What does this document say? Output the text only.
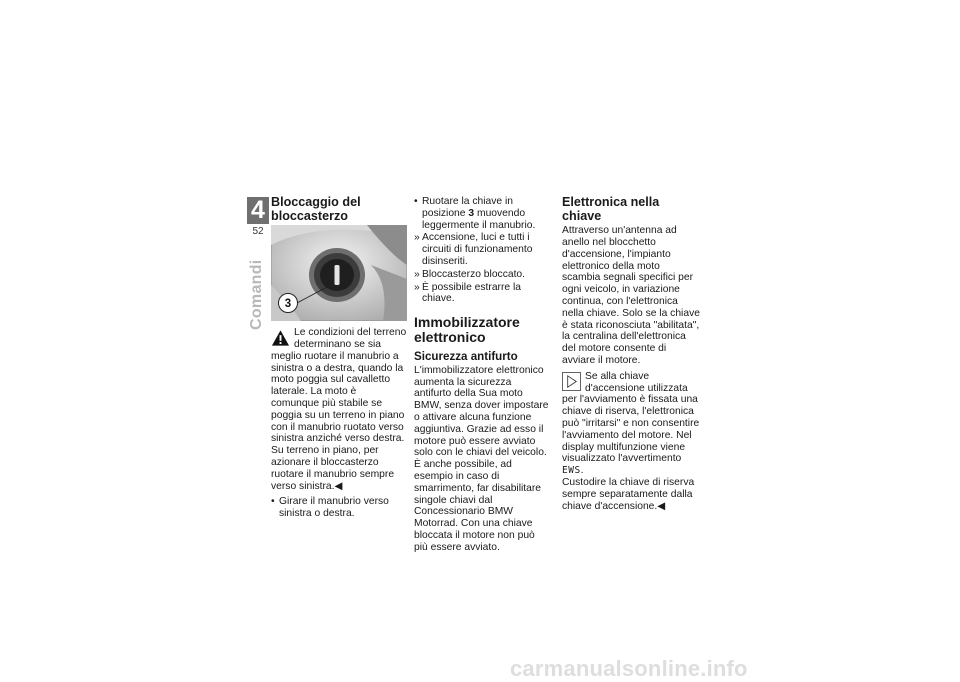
4
52
Comandi
Bloccaggio del
bloccasterzo
3

Le condizioni del terreno determinano se sia meglio ruotare il manubrio a sinistra o a destra, quando la moto poggia sul cavalletto laterale. La moto è comunque più stabile se poggia su un terreno in piano con il manubrio ruotato verso sinistra anziché verso destra.

Su terreno in piano, per azionare il bloccasterzo ruotare il manubrio sempre verso sinistra.◀

• Girare il manubrio verso sinistra o destra.
• Ruotare la chiave in posizione 3 muovendo leggermente il manubrio.
» Accensione, luci e tutti i circuiti di funzionamento disinseriti.
» Bloccasterzo bloccato.
» È possibile estrarre la chiave.
Immobilizzatore
elettronico
Sicurezza antifurto

L'immobilizzatore elettronico aumenta la sicurezza antifurto della Sua moto BMW, senza dover impostare o attivare alcuna funzione aggiuntiva. Grazie ad esso il motore può essere avviato solo con le chiavi del veicolo. È anche possibile, ad esempio in caso di smarrimento, far disabilitare singole chiavi dal Concessionario BMW Motorrad. Con una chiave bloccata il motore non può più essere avviato.

Elettronica nella chiave

Attraverso un'antenna ad anello nel blocchetto d'accensione, l'impianto elettronico della moto scambia segnali specifici per ogni veicolo, in variazione continua, con l'elettronica nella chiave. Solo se la chiave è stata riconosciuta "abilitata", la centralina dell'elettronica del motore consente di avviare il motore.

Se alla chiave d'accensione utilizzata per l'avviamento è fissata una chiave di riserva, l'elettronica può "irritarsi" e non consentire l'avviamento del motore. Nel display multifunzione viene visualizzato l'avvertimento
EWS.
Custodire la chiave di riserva sempre separatamente dalla chiave d'accensione.◀

carmanualsonline.info
